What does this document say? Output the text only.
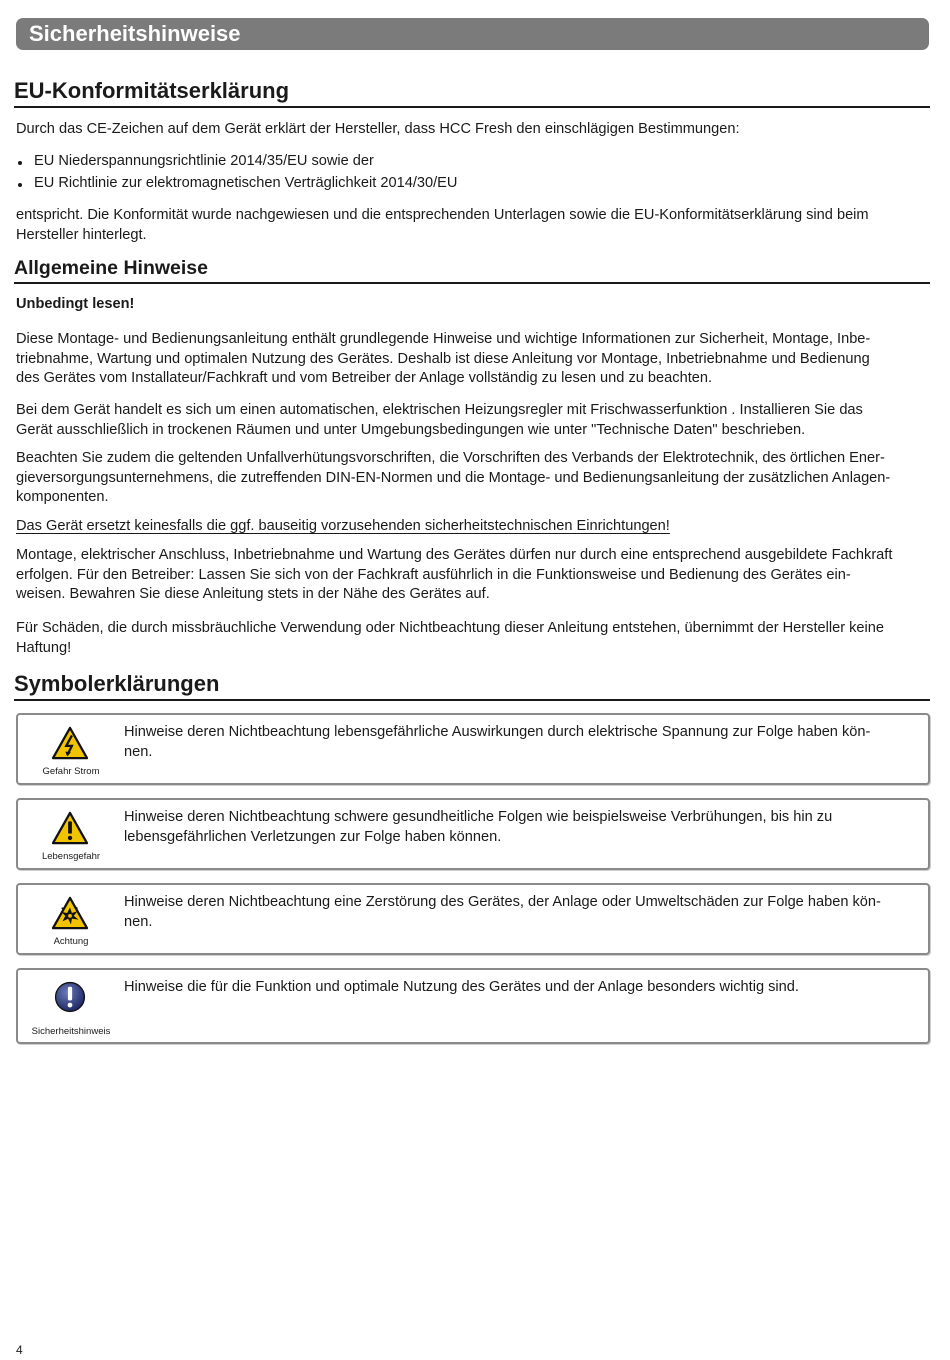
Sicherheitshinweise
EU-Konformitätserklärung

Durch das CE-Zeichen auf dem Gerät erklärt der Hersteller, dass HCC Fresh den einschlägigen Bestimmungen:

EU Niederspannungsrichtlinie 2014/35/EU sowie der
EU Richtlinie zur elektromagnetischen Verträglichkeit 2014/30/EU
entspricht. Die Konformität wurde nachgewiesen und die entsprechenden Unterlagen sowie die EU-Konformitätserklärung sind beim
Hersteller hinterlegt.
Allgemeine Hinweise

Unbedingt lesen!

Diese Montage- und Bedienungsanleitung enthält grundlegende Hinweise und wichtige Informationen zur Sicherheit, Montage, Inbe-
triebnahme, Wartung und optimalen Nutzung des Gerätes. Deshalb ist diese Anleitung vor Montage, Inbetriebnahme und Bedienung
des Gerätes vom Installateur/Fachkraft und vom Betreiber der Anlage vollständig zu lesen und zu beachten.
Bei dem Gerät handelt es sich um einen automatischen, elektrischen Heizungsregler mit Frischwasserfunktion . Installieren Sie das
Gerät ausschließlich in trockenen Räumen und unter Umgebungsbedingungen wie unter "Technische Daten" beschrieben.
Beachten Sie zudem die geltenden Unfallverhütungsvorschriften, die Vorschriften des Verbands der Elektrotechnik, des örtlichen Ener-
gieversorgungsunternehmens, die zutreffenden DIN-EN-Normen und die Montage- und Bedienungsanleitung der zusätzlichen Anlagen-
komponenten.

Das Gerät ersetzt keinesfalls die ggf. bauseitig vorzusehenden sicherheitstechnischen Einrichtungen!

Montage, elektrischer Anschluss, Inbetriebnahme und Wartung des Gerätes dürfen nur durch eine entsprechend ausgebildete Fachkraft
erfolgen. Für den Betreiber: Lassen Sie sich von der Fachkraft ausführlich in die Funktionsweise und Bedienung des Gerätes ein-
weisen. Bewahren Sie diese Anleitung stets in der Nähe des Gerätes auf.
Für Schäden, die durch missbräuchliche Verwendung oder Nichtbeachtung dieser Anleitung entstehen, übernimmt der Hersteller keine
Haftung!
Symbolerklärungen
Gefahr Strom
Hinweise deren Nichtbeachtung lebensgefährliche Auswirkungen durch elektrische Spannung zur Folge haben kön-
nen.
Lebensgefahr
Hinweise deren Nichtbeachtung schwere gesundheitliche Folgen wie beispielsweise Verbrühungen, bis hin zu
lebensgefährlichen Verletzungen zur Folge haben können.
Achtung
Hinweise deren Nichtbeachtung eine Zerstörung des Gerätes, der Anlage oder Umweltschäden zur Folge haben kön-
nen.
Sicherheitshinweis
Hinweise die für die Funktion und optimale Nutzung des Gerätes und der Anlage besonders wichtig sind.
4
